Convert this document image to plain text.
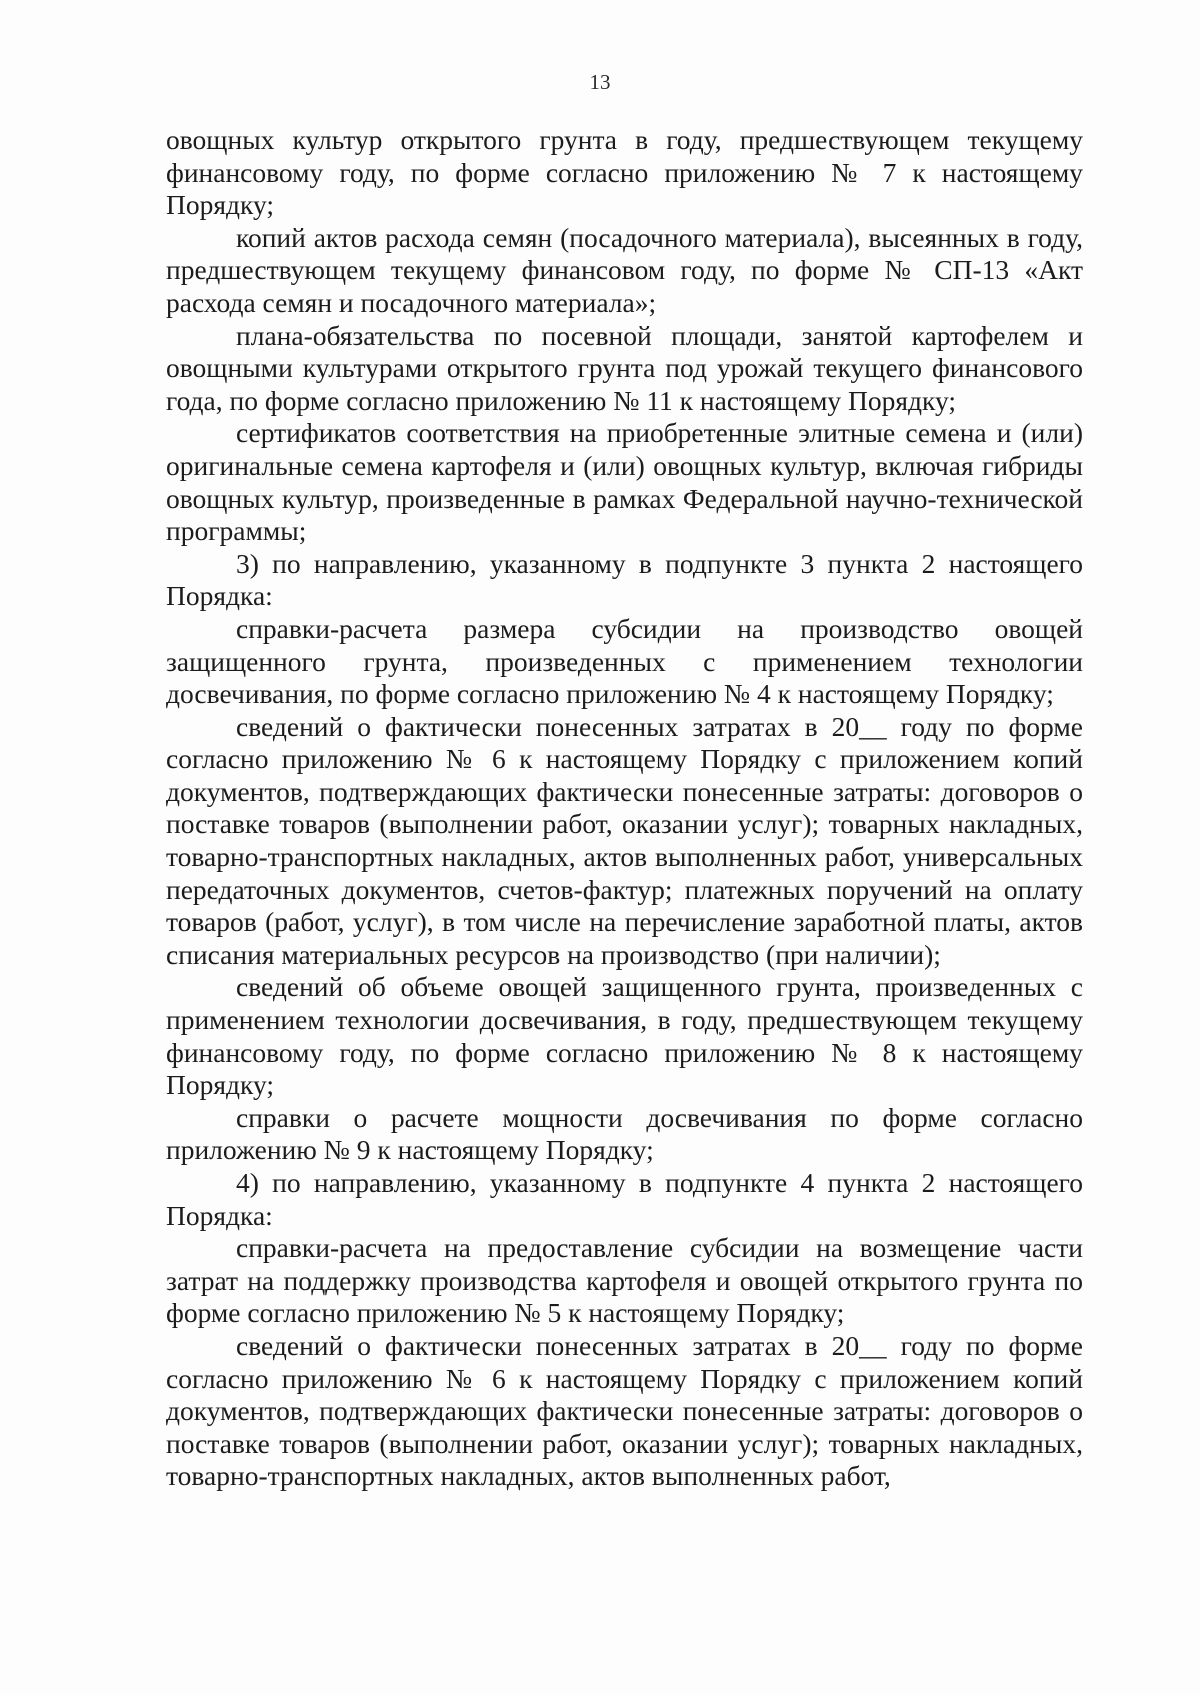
13

овощных культур открытого грунта в году, предшествующем текущему финансовому году, по форме согласно приложению № 7 к настоящему Порядку;

копий актов расхода семян (посадочного материала), высеянных в году, предшествующем текущему финансовом году, по форме № СП-13 «Акт расхода семян и посадочного материала»;

плана-обязательства по посевной площади, занятой картофелем и овощными культурами открытого грунта под урожай текущего финансового года, по форме согласно приложению № 11 к настоящему Порядку;

сертификатов соответствия на приобретенные элитные семена и (или) оригинальные семена картофеля и (или) овощных культур, включая гибриды овощных культур, произведенные в рамках Федеральной научно-технической программы;

3) по направлению, указанному в подпункте 3 пункта 2 настоящего Порядка:

справки-расчета размера субсидии на производство овощей защищенного грунта, произведенных с применением технологии досвечивания, по форме согласно приложению № 4 к настоящему Порядку;

сведений о фактически понесенных затратах в 20__ году по форме согласно приложению № 6 к настоящему Порядку с приложением копий документов, подтверждающих фактически понесенные затраты: договоров о поставке товаров (выполнении работ, оказании услуг); товарных накладных, товарно-транспортных накладных, актов выполненных работ, универсальных передаточных документов, счетов-фактур; платежных поручений на оплату товаров (работ, услуг), в том числе на перечисление заработной платы, актов списания материальных ресурсов на производство (при наличии);

сведений об объеме овощей защищенного грунта, произведенных с применением технологии досвечивания, в году, предшествующем текущему финансовому году, по форме согласно приложению № 8 к настоящему Порядку;

справки о расчете мощности досвечивания по форме согласно приложению № 9 к настоящему Порядку;

4) по направлению, указанному в подпункте 4 пункта 2 настоящего Порядка:

справки-расчета на предоставление субсидии на возмещение части затрат на поддержку производства картофеля и овощей открытого грунта по форме согласно приложению № 5 к настоящему Порядку;

сведений о фактически понесенных затратах в 20__ году по форме согласно приложению № 6 к настоящему Порядку с приложением копий документов, подтверждающих фактически понесенные затраты: договоров о поставке товаров (выполнении работ, оказании услуг); товарных накладных, товарно-транспортных накладных, актов выполненных работ,
